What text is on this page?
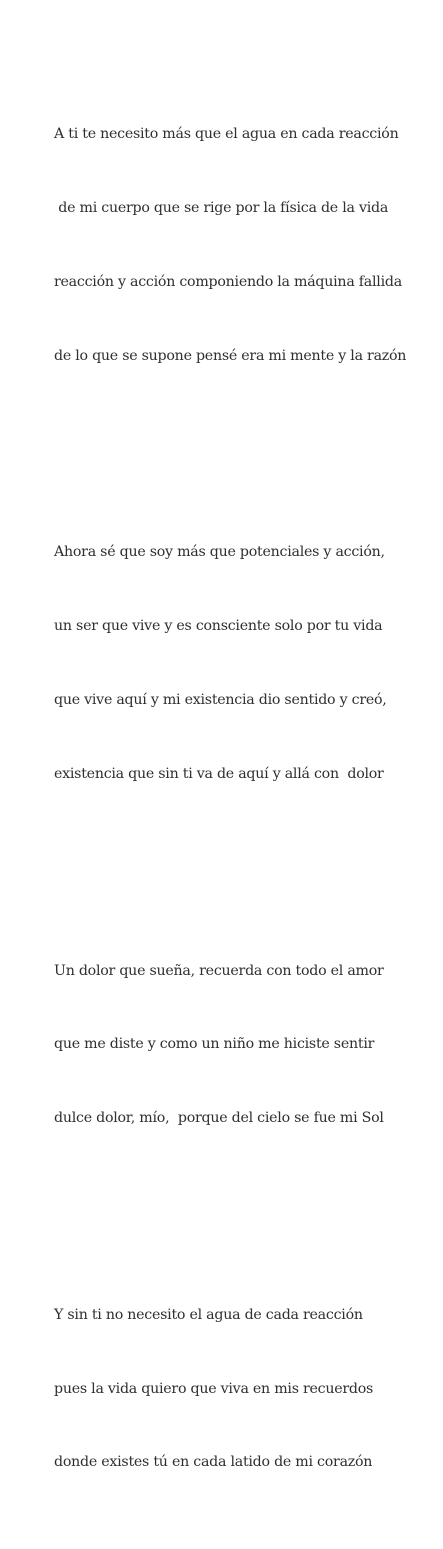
A ti te necesito más que el agua en cada reacción

de mi cuerpo que se rige por la física de la vida

reacción y acción componiendo la máquina fallida

de lo que se supone pensé era mi mente y la razón

Ahora sé que soy más que potenciales y acción,

un ser que vive y es consciente solo por tu vida

que vive aquí y mi existencia dio sentido y creó,

existencia que sin ti va de aquí y allá con  dolor

Un dolor que sueña, recuerda con todo el amor

que me diste y como un niño me hiciste sentir

dulce dolor, mío,  porque del cielo se fue mi Sol

Y sin ti no necesito el agua de cada reacción

pues la vida quiero que viva en mis recuerdos

donde existes tú en cada latido de mi corazón
